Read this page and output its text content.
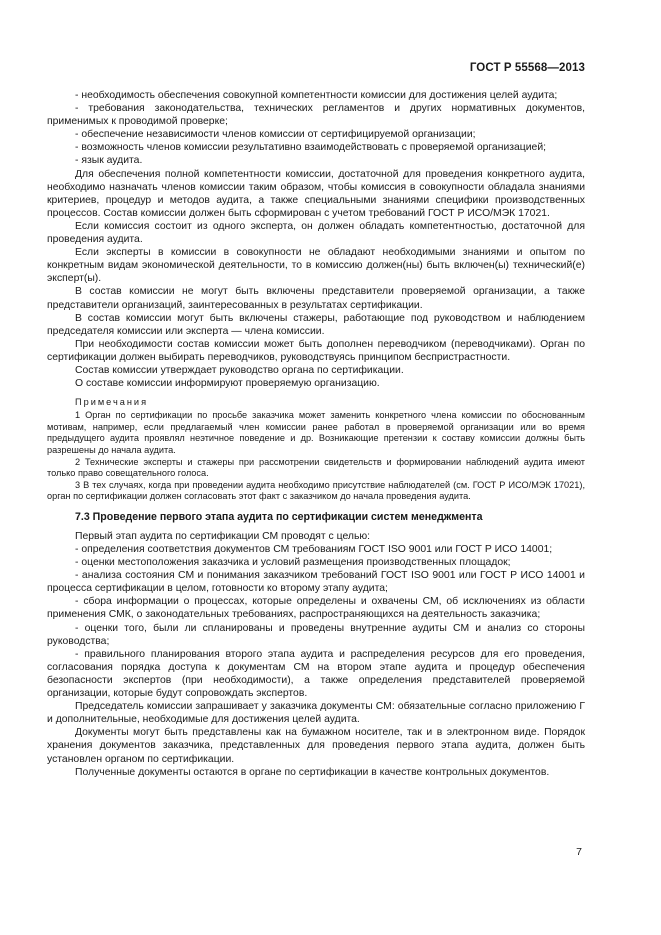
ГОСТ Р 55568—2013

- необходимость обеспечения совокупной компетентности комиссии для достижения целей аудита;

- требования законодательства, технических регламентов и других нормативных документов, применимых к проводимой проверке;

- обеспечение независимости членов комиссии от сертифицируемой организации;

- возможность членов комиссии результативно взаимодействовать с проверяемой организацией;

- язык аудита.

Для обеспечения полной компетентности комиссии, достаточной для проведения конкретного аудита, необходимо назначать членов комиссии таким образом, чтобы комиссия в совокупности обладала знаниями критериев, процедур и методов аудита, а также специальными знаниями специфики производственных процессов. Состав комиссии должен быть сформирован с учетом требований ГОСТ Р ИСО/МЭК 17021.

Если комиссия состоит из одного эксперта, он должен обладать компетентностью, достаточной для проведения аудита.

Если эксперты в комиссии в совокупности не обладают необходимыми знаниями и опытом по конкретным видам экономической деятельности, то в комиссию должен(ны) быть включен(ы) технический(е) эксперт(ы).

В состав комиссии не могут быть включены представители проверяемой организации, а также представители организаций, заинтересованных в результатах сертификации.

В состав комиссии могут быть включены стажеры, работающие под руководством и наблюдением председателя комиссии или эксперта — члена комиссии.

При необходимости состав комиссии может быть дополнен переводчиком (переводчиками). Орган по сертификации должен выбирать переводчиков, руководствуясь принципом беспристрастности.

Состав комиссии утверждает руководство органа по сертификации.

О составе комиссии информируют проверяемую организацию.

Примечания

1 Орган по сертификации по просьбе заказчика может заменить конкретного члена комиссии по обоснованным мотивам, например, если предлагаемый член комиссии ранее работал в проверяемой организации или во время предыдущего аудита проявлял неэтичное поведение и др. Возникающие претензии к составу комиссии должны быть разрешены до начала аудита.

2 Технические эксперты и стажеры при рассмотрении свидетельств и формировании наблюдений аудита имеют только право совещательного голоса.

3 В тех случаях, когда при проведении аудита необходимо присутствие наблюдателей (см. ГОСТ Р ИСО/МЭК 17021), орган по сертификации должен согласовать этот факт с заказчиком до начала проведения аудита.

7.3 Проведение первого этапа аудита по сертификации систем менеджмента

Первый этап аудита по сертификации СМ проводят с целью:

- определения соответствия документов СМ требованиям ГОСТ ISO 9001 или ГОСТ Р ИСО 14001;

- оценки местоположения заказчика и условий размещения производственных площадок;

- анализа состояния СМ и понимания заказчиком требований ГОСТ ISO 9001 или ГОСТ Р ИСО 14001 и процесса сертификации в целом, готовности ко второму этапу аудита;

- сбора информации о процессах, которые определены и охвачены СМ, об исключениях из области применения СМК, о законодательных требованиях, распространяющихся на деятельность заказчика;

- оценки того, были ли спланированы и проведены внутренние аудиты СМ и анализ со стороны руководства;

- правильного планирования второго этапа аудита и распределения ресурсов для его проведения, согласования порядка доступа к документам СМ на втором этапе аудита и процедур обеспечения безопасности экспертов (при необходимости), а также определения представителей проверяемой организации, которые будут сопровождать экспертов.

Председатель комиссии запрашивает у заказчика документы СМ: обязательные согласно приложению Г и дополнительные, необходимые для достижения целей аудита.

Документы могут быть представлены как на бумажном носителе, так и в электронном виде. Порядок хранения документов заказчика, представленных для проведения первого этапа аудита, должен быть установлен органом по сертификации.

Полученные документы остаются в органе по сертификации в качестве контрольных документов.

7
